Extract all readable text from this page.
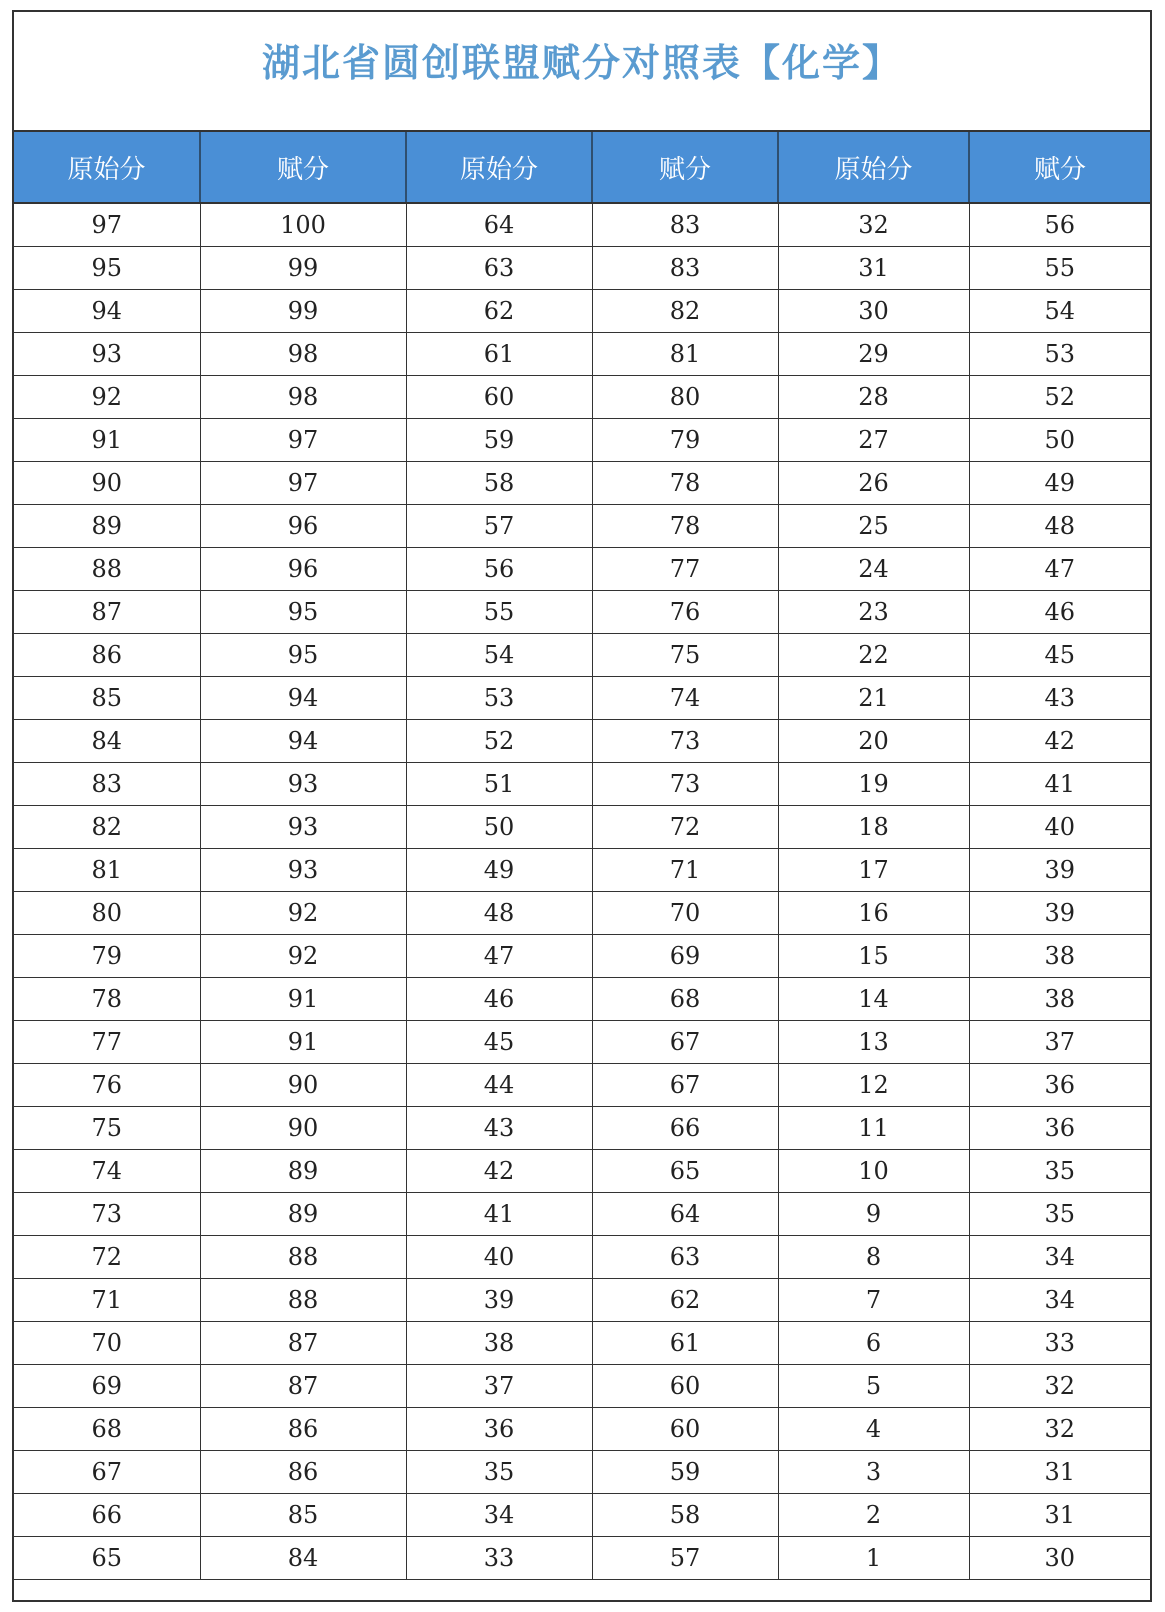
湖北省圆创联盟赋分对照表【化学】
原始分	赋分	原始分	赋分	原始分	赋分
97	100	64	83	32	56
95	99	63	83	31	55
94	99	62	82	30	54
93	98	61	81	29	53
92	98	60	80	28	52
91	97	59	79	27	50
90	97	58	78	26	49
89	96	57	78	25	48
88	96	56	77	24	47
87	95	55	76	23	46
86	95	54	75	22	45
85	94	53	74	21	43
84	94	52	73	20	42
83	93	51	73	19	41
82	93	50	72	18	40
81	93	49	71	17	39
80	92	48	70	16	39
79	92	47	69	15	38
78	91	46	68	14	38
77	91	45	67	13	37
76	90	44	67	12	36
75	90	43	66	11	36
74	89	42	65	10	35
73	89	41	64	9	35
72	88	40	63	8	34
71	88	39	62	7	34
70	87	38	61	6	33
69	87	37	60	5	32
68	86	36	60	4	32
67	86	35	59	3	31
66	85	34	58	2	31
65	84	33	57	1	30
